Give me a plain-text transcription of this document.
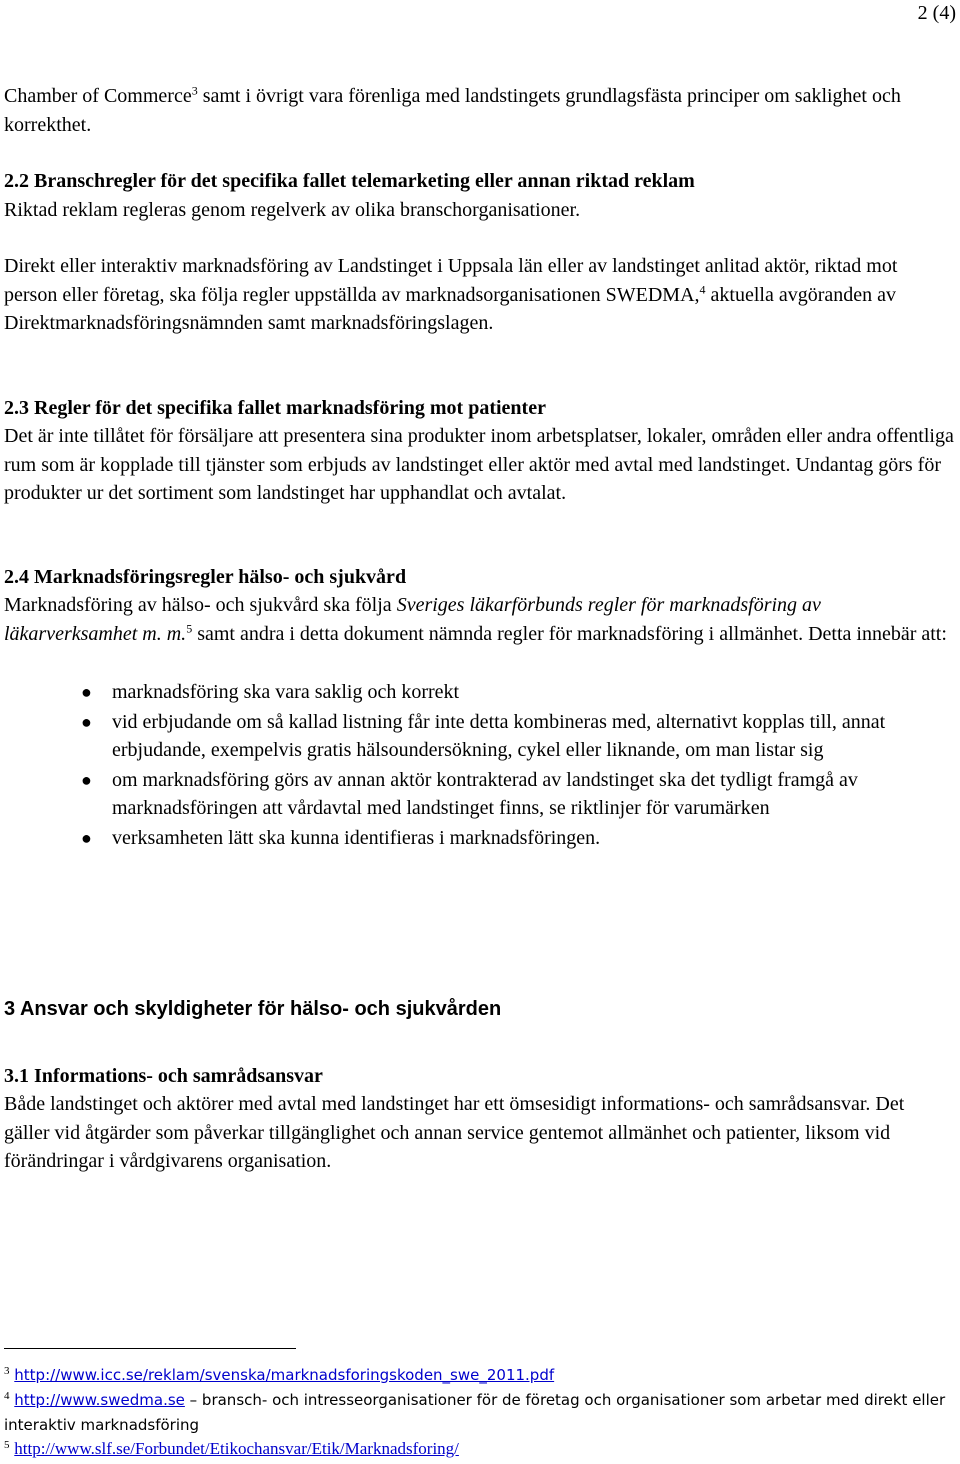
2 (4)

Chamber of Commerce$^3$ samt i övrigt vara förenliga med landstingets grundlagsfästa principer om saklighet och korrekthet.

2.2 Branschregler för det specifika fallet telemarketing eller annan riktad reklam

Riktad reklam regleras genom regelverk av olika branschorganisationer.

Direkt eller interaktiv marknadsföring av Landstinget i Uppsala län eller av landstinget anlitad aktör, riktad mot person eller företag, ska följa regler uppställda av marknadsorganisationen SWEDMA,$^4$ aktuella avgöranden av Direktmarknadsföringsnämnden samt marknadsföringslagen.

2.3 Regler för det specifika fallet marknadsföring mot patienter

Det är inte tillåtet för försäljare att presentera sina produkter inom arbetsplatser, lokaler, områden eller andra offentliga rum som är kopplade till tjänster som erbjuds av landstinget eller aktör med avtal med landstinget. Undantag görs för produkter ur det sortiment som landstinget har upphandlat och avtalat.

2.4 Marknadsföringsregler hälso- och sjukvård

Marknadsföring av hälso- och sjukvård ska följa Sveriges läkarförbunds regler för marknadsföring av läkarverksamhet m. m.$^5$ samt andra i detta dokument nämnda regler för marknadsföring i allmänhet. Detta innebär att:

● marknadsföring ska vara saklig och korrekt
● vid erbjudande om så kallad listning får inte detta kombineras med, alternativt kopplas till, annat erbjudande, exempelvis gratis hälsoundersökning, cykel eller liknande, om man listar sig
● om marknadsföring görs av annan aktör kontrakterad av landstinget ska det tydligt framgå av marknadsföringen att vårdavtal med landstinget finns, se riktlinjer för varumärken
● verksamheten lätt ska kunna identifieras i marknadsföringen.
3 Ansvar och skyldigheter för hälso- och sjukvården
3.1 Informations- och samrådsansvar

Både landstinget och aktörer med avtal med landstinget har ett ömsesidigt informations- och samrådsansvar. Det gäller vid åtgärder som påverkar tillgänglighet och annan service gentemot allmänhet och patienter, liksom vid förändringar i vårdgivarens organisation.

$^3$ http://www.icc.se/reklam/svenska/marknadsforingskoden_swe_2011.pdf
$^4$ http://www.swedma.se – bransch- och intresseorganisationer för de företag och organisationer som arbetar med direkt eller interaktiv marknadsföring
$^5$ http://www.slf.se/Forbundet/Etikochansvar/Etik/Marknadsforing/
